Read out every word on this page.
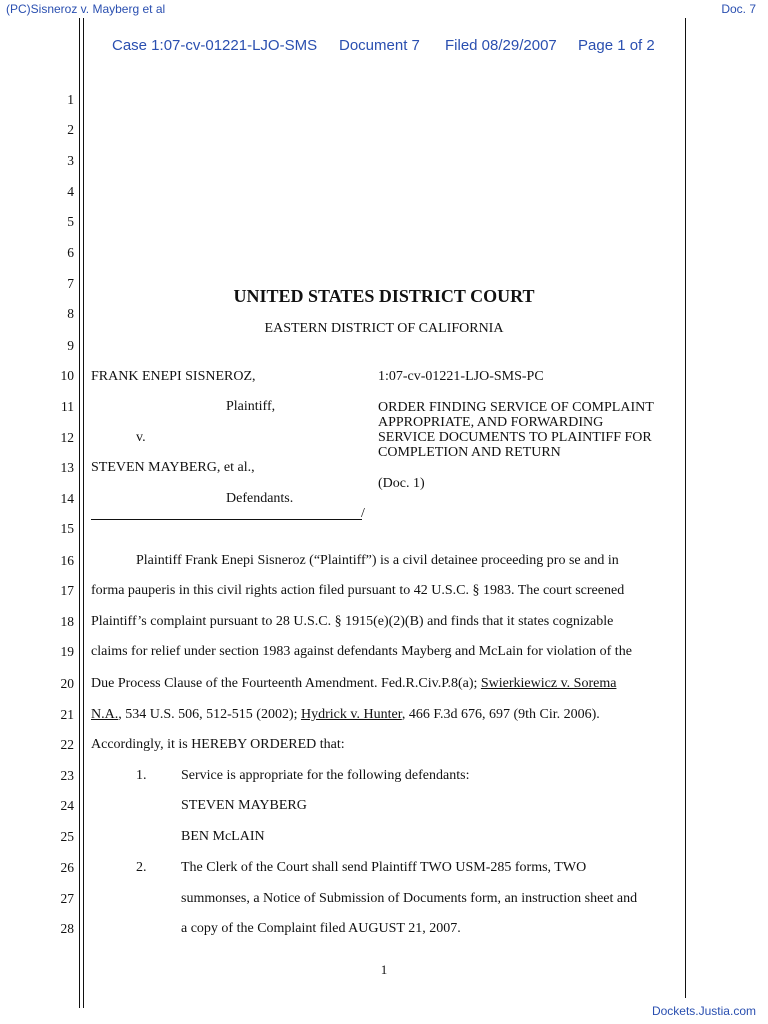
(PC)Sisneroz v. Mayberg et al	Doc. 7
Case 1:07-cv-01221-LJO-SMS Document 7 Filed 08/29/2007 Page 1 of 2
1
2
3
4
5
6
7
8
9
10
11
12
13
14
15
16
17
18
19
20
21
22
23
24
25
26
27
28
UNITED STATES DISTRICT COURT
EASTERN DISTRICT OF CALIFORNIA
FRANK ENEPI SISNEROZ,
Plaintiff,
v.
STEVEN MAYBERG, et al.,
Defendants.
/
1:07-cv-01221-LJO-SMS-PC
ORDER FINDING SERVICE OF COMPLAINT
APPROPRIATE, AND FORWARDING
SERVICE DOCUMENTS TO PLAINTIFF FOR
COMPLETION AND RETURN
(Doc. 1)
Plaintiff Frank Enepi Sisneroz (“Plaintiff”) is a civil detainee proceeding pro se and in
forma pauperis in this civil rights action filed pursuant to 42 U.S.C. § 1983. The court screened
Plaintiff’s complaint pursuant to 28 U.S.C. § 1915(e)(2)(B) and finds that it states cognizable
claims for relief under section 1983 against defendants Mayberg and McLain for violation of the
Due Process Clause of the Fourteenth Amendment. Fed.R.Civ.P.8(a); Swierkiewicz v. Sorema
N.A., 534 U.S. 506, 512-515 (2002); Hydrick v. Hunter, 466 F.3d 676, 697 (9th Cir. 2006).
Accordingly, it is HEREBY ORDERED that:
1. Service is appropriate for the following defendants:
STEVEN MAYBERG
BEN McLAIN
2. The Clerk of the Court shall send Plaintiff TWO USM-285 forms, TWO
summonses, a Notice of Submission of Documents form, an instruction sheet and
a copy of the Complaint filed AUGUST 21, 2007.
1
Dockets.Justia.com
